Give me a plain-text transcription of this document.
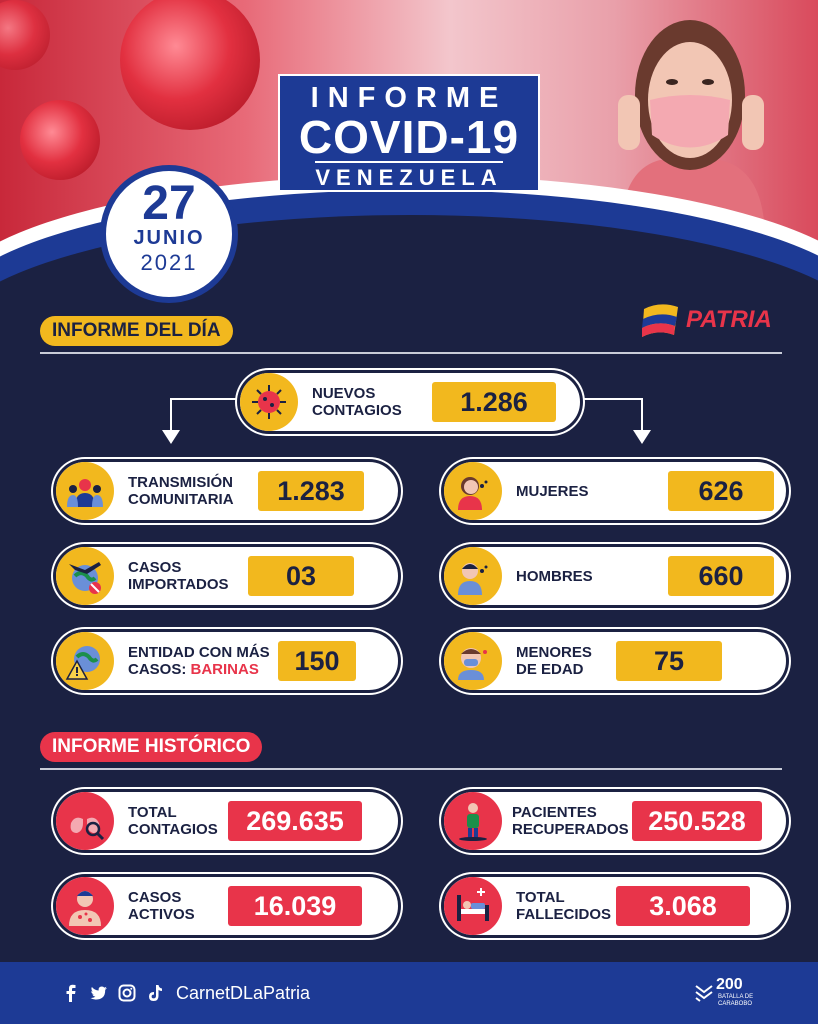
INFORME
COVID-19
VENEZUELA
27
JUNIO
2021
INFORME DEL DÍA	PATRIA
NUEVOS CONTAGIOS	1.286
TRANSMISIÓN COMUNITARIA	1.283
CASOS IMPORTADOS	03
ENTIDAD CON MÁS CASOS: BARINAS	150
MUJERES	626
HOMBRES	660
MENORES DE EDAD	75
INFORME HISTÓRICO
TOTAL CONTAGIOS	269.635	PACIENTES RECUPERADOS 250.528
CASOS ACTIVOS	16.039	TOTAL FALLECIDOS	3.068
CarnetDLaPatria	200
BATALLA DE
CARABOBO
